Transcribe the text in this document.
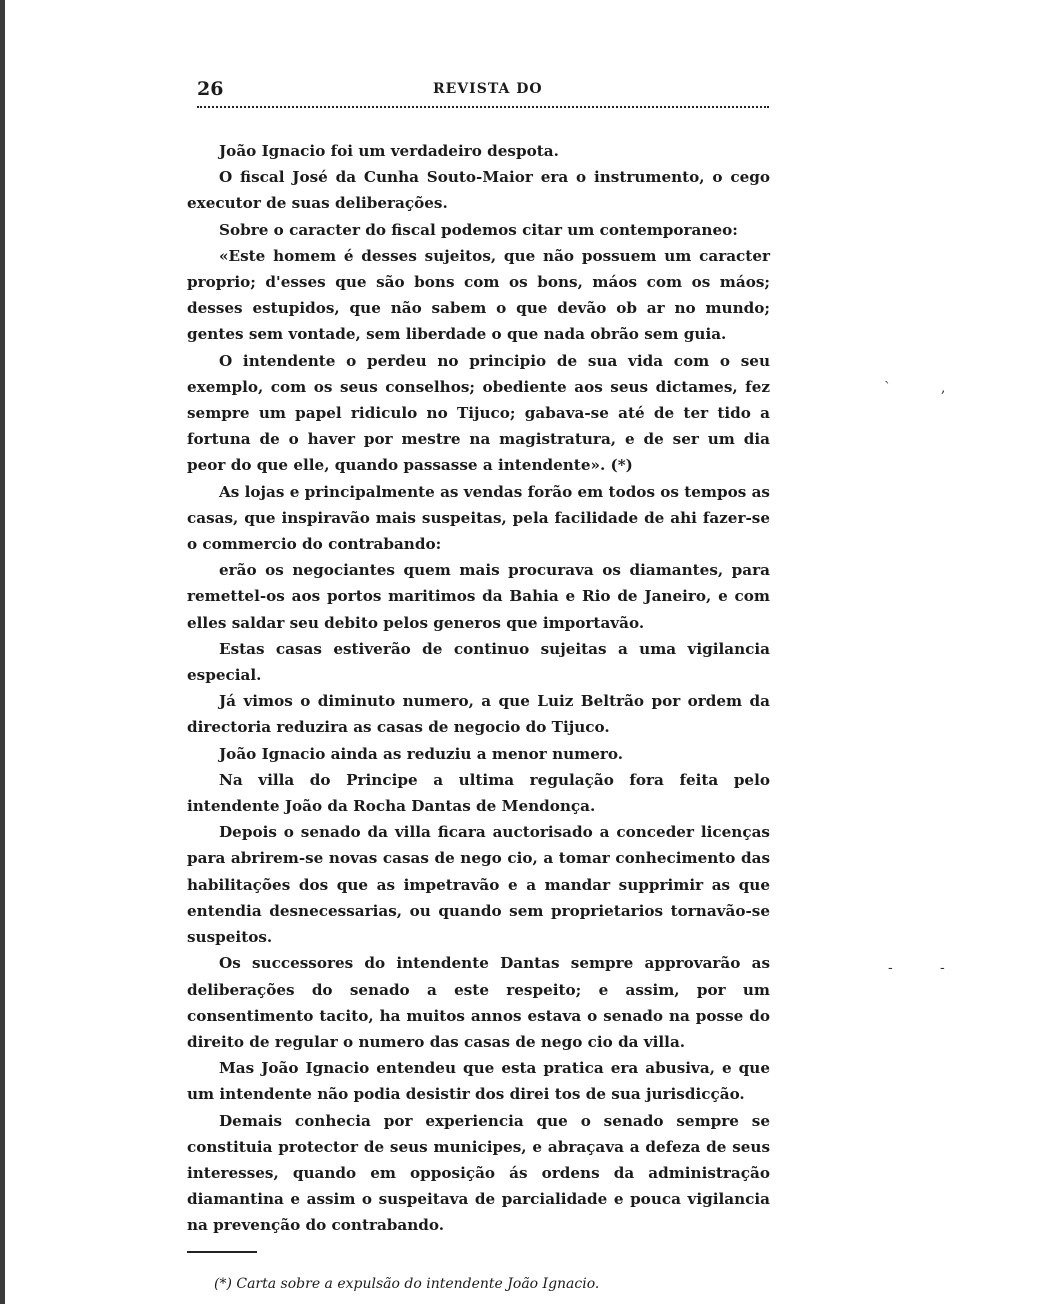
26	REVISTA DO

João Ignacio foi um verdadeiro despota.

O fiscal José da Cunha Souto-Maior era o instrumento, o cego executor de suas deliberações.

Sobre o caracter do fiscal podemos citar um contemporaneo:

«Este homem é desses sujeitos, que não possuem um caracter proprio; d'esses que são bons com os bons, máos com os máos; desses estupidos, que não sabem o que devão ob ar no mundo; gentes sem vontade, sem liberdade o que nada obrão sem guia.

O intendente o perdeu no principio de sua vida com o seu exemplo, com os seus conselhos; obediente aos seus dictames, fez sempre um papel ridiculo no Tijuco; gabava-se até de ter tido a fortuna de o haver por mestre na magistratura, e de ser um dia peor do que elle, quando passasse a intendente». (*)

As lojas e principalmente as vendas forão em todos os tempos as casas, que inspiravão mais suspeitas, pela facilidade de ahi fazer-se o commercio do contrabando:

erão os negociantes quem mais procurava os diamantes, para remettel-os aos portos maritimos da Bahia e Rio de Janeiro, e com elles saldar seu debito pelos generos que importavão.

Estas casas estiverão de continuo sujeitas a uma vigilancia especial.

Já vimos o diminuto numero, a que Luiz Beltrão por ordem da directoria reduzira as casas de negocio do Tijuco.

João Ignacio ainda as reduziu a menor numero.

Na villa do Principe a ultima regulação fora feita pelo intendente João da Rocha Dantas de Mendonça.

Depois o senado da villa ficara auctorisado a conceder licenças para abrirem-se novas casas de nego cio, a tomar conhecimento das habilitações dos que as impetravão e a mandar supprimir as que entendia desnecessarias, ou quando sem proprietarios tornavão-se suspeitos.

Os successores do intendente Dantas sempre approvarão as deliberações do senado a este respeito; e assim, por um consentimento tacito, ha muitos annos estava o senado na posse do direito de regular o numero das casas de nego cio da villa.

Mas João Ignacio entendeu que esta pratica era abusiva, e que um intendente não podia desistir dos direi tos de sua jurisdicção.

Demais conhecia por experiencia que o senado sempre se constituia protector de seus municipes, e abraçava a defeza de seus interesses, quando em opposição ás ordens da administração diamantina e assim o suspeitava de parcialidade e pouca vigilancia na prevenção do contrabando.

`	,
-	-
(*) Carta sobre a expulsão do intendente João Ignacio.
